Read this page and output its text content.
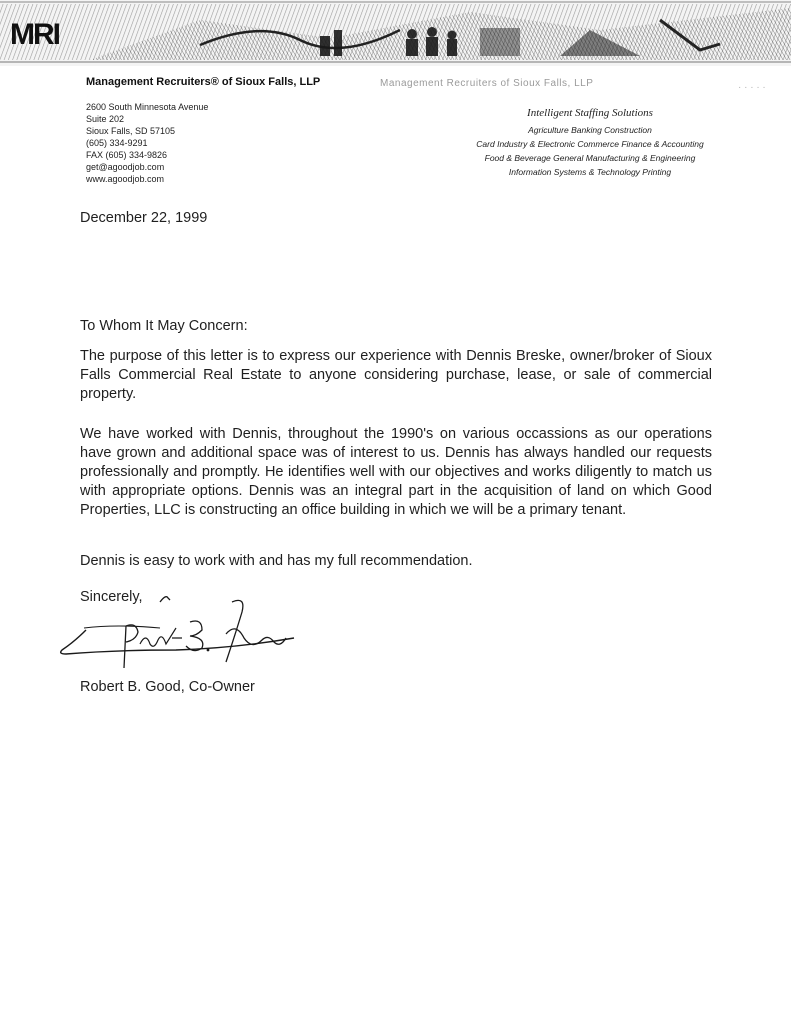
MRI
Management Recruiters® of Sioux Falls, LLP	Management Recruiters of Sioux Falls, LLP	· · · · ·
2600 South Minnesota Avenue
Suite 202
Sioux Falls, SD 57105
(605) 334-9291
FAX (605) 334-9826
get@agoodjob.com
www.agoodjob.com
Intelligent Staffing Solutions
Agriculture Banking Construction
Card Industry & Electronic Commerce Finance & Accounting
Food & Beverage General Manufacturing & Engineering
Information Systems & Technology Printing
December 22, 1999
To Whom It May Concern:
The purpose of this letter is to express our experience with Dennis Breske, owner/broker of Sioux Falls Commercial Real Estate to anyone considering purchase, lease, or sale of commercial property.
We have worked with Dennis, throughout the 1990's on various occassions as our operations have grown and additional space was of interest to us. Dennis has always handled our requests professionally and promptly. He identifies well with our objectives and works diligently to match us with appropriate options. Dennis was an integral part in the acquisition of land on which Good Properties, LLC is constructing an office building in which we will be a primary tenant.
Dennis is easy to work with and has my full recommendation.
Sincerely,
Robert B. Good, Co-Owner
